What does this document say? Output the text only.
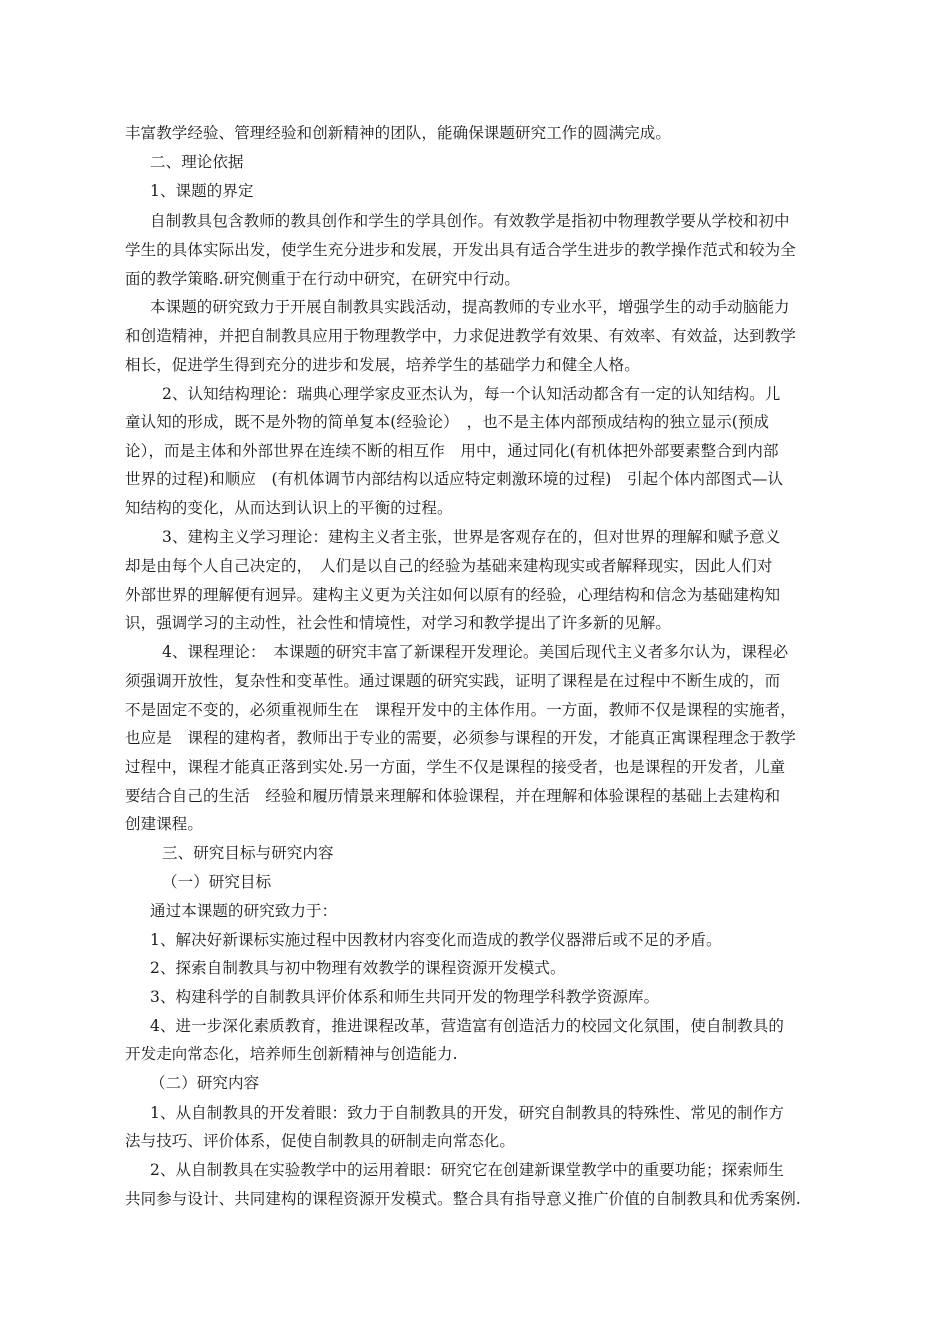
丰富教学经验、管理经验和创新精神的团队，能确保课题研究工作的圆满完成。

二、理论依据

1、课题的界定

自制教具包含教师的教具创作和学生的学具创作。有效教学是指初中物理教学要从学校和初中

学生的具体实际出发，使学生充分进步和发展，开发出具有适合学生进步的教学操作范式和较为全

面的教学策略.研究侧重于在行动中研究，在研究中行动。

本课题的研究致力于开展自制教具实践活动，提高教师的专业水平，增强学生的动手动脑能力

和创造精神，并把自制教具应用于物理教学中，力求促进教学有效果、有效率、有效益，达到教学

相长，促进学生得到充分的进步和发展，培养学生的基础学力和健全人格。

2、认知结构理论：瑞典心理学家皮亚杰认为，每一个认知活动都含有一定的认知结构。儿

童认知的形成，既不是外物的简单复本(经验论）　，也不是主体内部预成结构的独立显示(预成

论），而是主体和外部世界在连续不断的相互作　用中，通过同化(有机体把外部要素整合到内部

世界的过程)和顺应　(有机体调节内部结构以适应特定刺激环境的过程)　引起个体内部图式—认

知结构的变化，从而达到认识上的平衡的过程。

3、建构主义学习理论：建构主义者主张，世界是客观存在的，但对世界的理解和赋予意义

却是由每个人自己决定的，　人们是以自己的经验为基础来建构现实或者解释现实，因此人们对

外部世界的理解便有迥异。建构主义更为关注如何以原有的经验，心理结构和信念为基础建构知

识，强调学习的主动性，社会性和情境性，对学习和教学提出了许多新的见解。

4、课程理论：　本课题的研究丰富了新课程开发理论。美国后现代主义者多尔认为，课程必

须强调开放性，复杂性和变革性。通过课题的研究实践，证明了课程是在过程中不断生成的，而

不是固定不变的，必须重视师生在　课程开发中的主体作用。一方面，教师不仅是课程的实施者，

也应是　课程的建构者，教师出于专业的需要，必须参与课程的开发，才能真正寓课程理念于教学

过程中，课程才能真正落到实处.另一方面，学生不仅是课程的接受者，也是课程的开发者，儿童

要结合自己的生活　经验和履历情景来理解和体验课程，并在理解和体验课程的基础上去建构和

创建课程。

三、研究目标与研究内容

（一）研究目标

通过本课题的研究致力于：

1、解决好新课标实施过程中因教材内容变化而造成的教学仪器滞后或不足的矛盾。

2、探索自制教具与初中物理有效教学的课程资源开发模式。

3、构建科学的自制教具评价体系和师生共同开发的物理学科教学资源库。

4、进一步深化素质教育，推进课程改革，营造富有创造活力的校园文化氛围，使自制教具的

开发走向常态化，培养师生创新精神与创造能力.

（二）研究内容

1、从自制教具的开发着眼：致力于自制教具的开发，研究自制教具的特殊性、常见的制作方

法与技巧、评价体系，促使自制教具的研制走向常态化。

2、从自制教具在实验教学中的运用着眼：研究它在创建新课堂教学中的重要功能；探索师生

共同参与设计、共同建构的课程资源开发模式。整合具有指导意义推广价值的自制教具和优秀案例.
